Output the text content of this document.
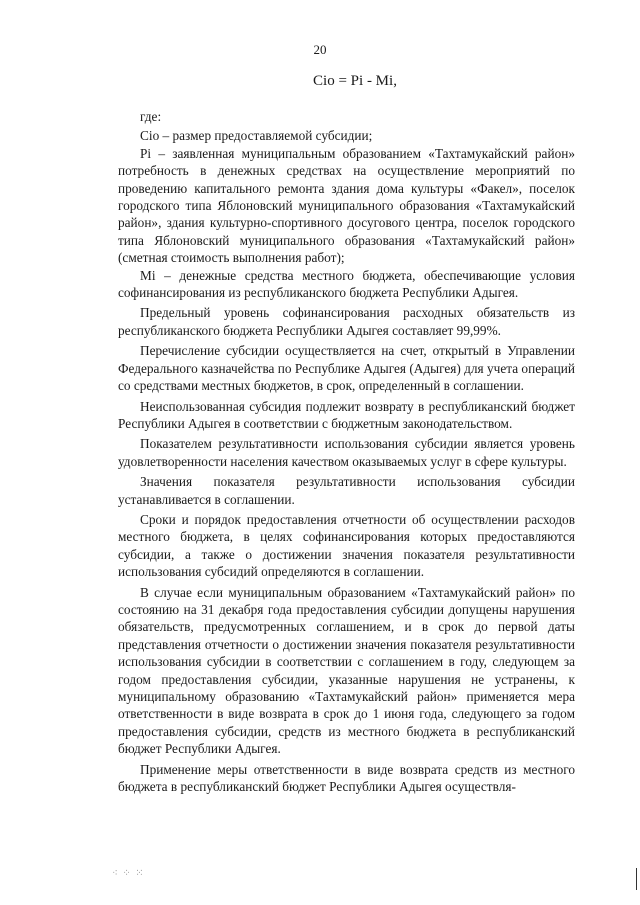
20
Cio = Pi - Mi,

где:

Cio – размер предоставляемой субсидии;

Pi – заявленная муниципальным образованием «Тахтамукайский район» потребность в денежных средствах на осуществление мероприятий по проведению капитального ремонта здания дома культуры «Факел», поселок городского типа Яблоновский муниципального образования «Тахтамукайский район», здания культурно-спортивного досугового центра, поселок городского типа Яблоновский муниципального образования «Тахтамукайский район» (сметная стоимость выполнения работ);

Mi – денежные средства местного бюджета, обеспечивающие условия софинансирования из республиканского бюджета Республики Адыгея.

Предельный уровень софинансирования расходных обязательств из республиканского бюджета Республики Адыгея составляет 99,99%.

Перечисление субсидии осуществляется на счет, открытый в Управлении Федерального казначейства по Республике Адыгея (Адыгея) для учета операций со средствами местных бюджетов, в срок, определенный в соглашении.

Неиспользованная субсидия подлежит возврату в республиканский бюджет Республики Адыгея в соответствии с бюджетным законодательством.

Показателем результативности использования субсидии является уровень удовлетворенности населения качеством оказываемых услуг в сфере культуры.

Значения показателя результативности использования субсидии устанавливается в соглашении.

Сроки и порядок предоставления отчетности об осуществлении расходов местного бюджета, в целях софинансирования которых предоставляются субсидии, а также о достижении значения показателя результативности использования субсидий определяются в соглашении.

В случае если муниципальным образованием «Тахтамукайский район» по состоянию на 31 декабря года предоставления субсидии допущены нарушения обязательств, предусмотренных соглашением, и в срок до первой даты представления отчетности о достижении значения показателя результативности использования субсидии в соответствии с соглашением в году, следующем за годом предоставления субсидии, указанные нарушения не устранены, к муниципальному образованию «Тахтамукайский район» применяется мера ответственности в виде возврата в срок до 1 июня года, следующего за годом предоставления субсидии, средств из местного бюджета в республиканский бюджет Республики Адыгея.

Применение меры ответственности в виде возврата средств из местного бюджета в республиканский бюджет Республики Адыгея осуществля-

⁖ ⁘ ⁙
